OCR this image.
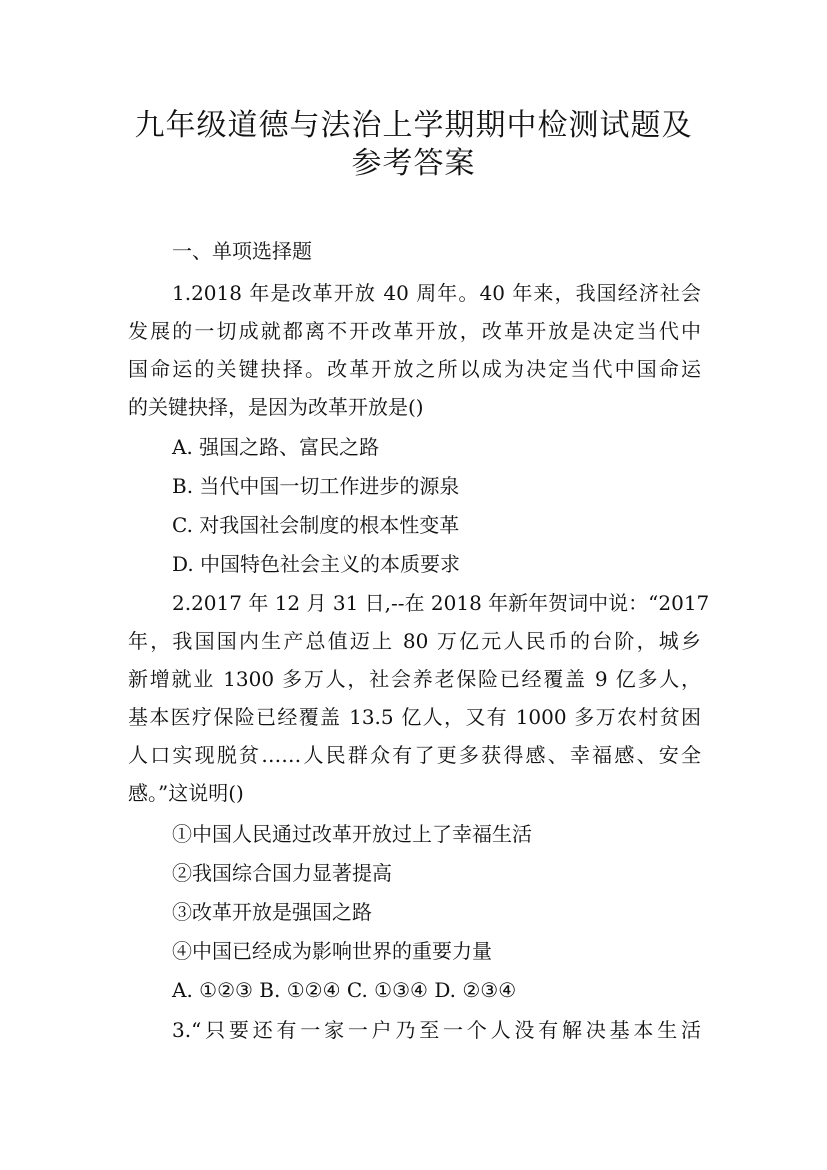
九年级道德与法治上学期期中检测试题及
参考答案

一、单项选择题

1.2018 年是改革开放 40 周年。40 年来，我国经济社会

发展的一切成就都离不开改革开放，改革开放是决定当代中

国命运的关键抉择。改革开放之所以成为决定当代中国命运

的关键抉择，是因为改革开放是()

A. 强国之路、富民之路

B. 当代中国一切工作进步的源泉

C. 对我国社会制度的根本性变革

D. 中国特色社会主义的本质要求

2.2017 年 12 月 31 日,--在 2018 年新年贺词中说：“2017

年，我国国内生产总值迈上 80 万亿元人民币的台阶，城乡

新增就业 1300 多万人，社会养老保险已经覆盖 9 亿多人，

基本医疗保险已经覆盖 13.5 亿人，又有 1000 多万农村贫困

人口实现脱贫……人民群众有了更多获得感、幸福感、安全

感。”这说明()

①中国人民通过改革开放过上了幸福生活

②我国综合国力显著提高

③改革开放是强国之路

④中国已经成为影响世界的重要力量

A. ①②③ B. ①②④ C. ①③④ D. ②③④

3.“只要还有一家一户乃至一个人没有解决基本生活
